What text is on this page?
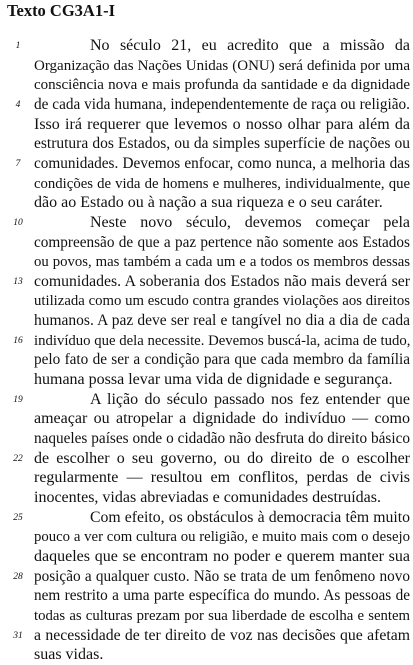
Texto CG3A1-I
1	No século 21, eu acredito que a missão da
Organização das Nações Unidas (ONU) será definida por uma
consciência nova e mais profunda da santidade e da dignidade
4 de cada vida humana, independentemente de raça ou religião.
Isso irá requerer que levemos o nosso olhar para além da
estrutura dos Estados, ou da simples superfície de nações ou
7 comunidades. Devemos enfocar, como nunca, a melhoria das
condições de vida de homens e mulheres, individualmente, que
dão ao Estado ou à nação a sua riqueza e o seu caráter.
10	Neste novo século, devemos começar pela
compreensão de que a paz pertence não somente aos Estados
ou povos, mas também a cada um e a todos os membros dessas
13 comunidades. A soberania dos Estados não mais deverá ser
utilizada como um escudo contra grandes violações aos direitos
humanos. A paz deve ser real e tangível no dia a dia de cada
16 indivíduo que dela necessite. Devemos buscá-la, acima de tudo,
pelo fato de ser a condição para que cada membro da família
humana possa levar uma vida de dignidade e segurança.
19	A lição do século passado nos fez entender que
ameaçar ou atropelar a dignidade do indivíduo — como
naqueles países onde o cidadão não desfruta do direito básico
22 de escolher o seu governo, ou do direito de o escolher
regularmente — resultou em conflitos, perdas de civis
inocentes, vidas abreviadas e comunidades destruídas.
25	Com efeito, os obstáculos à democracia têm muito
pouco a ver com cultura ou religião, e muito mais com o desejo
daqueles que se encontram no poder e querem manter sua
28 posição a qualquer custo. Não se trata de um fenômeno novo
nem restrito a uma parte específica do mundo. As pessoas de
todas as culturas prezam por sua liberdade de escolha e sentem
31 a necessidade de ter direito de voz nas decisões que afetam
suas vidas.
